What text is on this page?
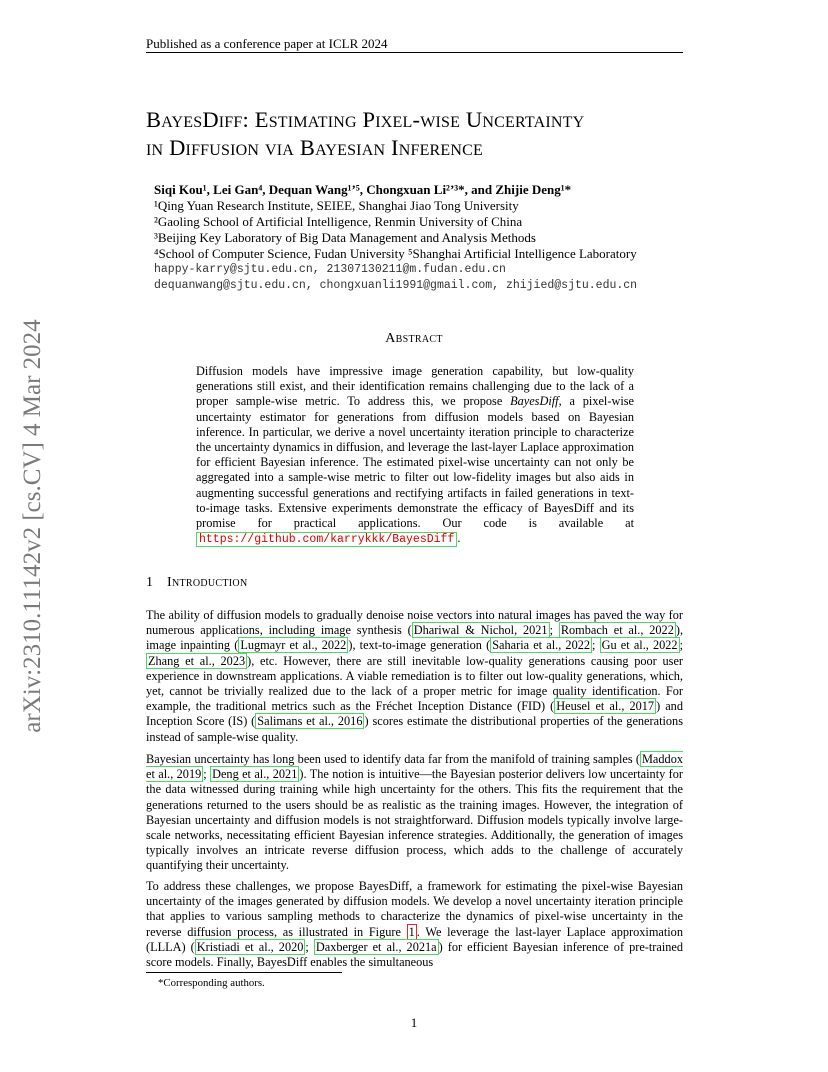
Published as a conference paper at ICLR 2024
arXiv:2310.11142v2 [cs.CV] 4 Mar 2024
BayesDiff: Estimating Pixel-wise Uncertainty
in Diffusion via Bayesian Inference
Siqi Kou¹, Lei Gan⁴, Dequan Wang¹ʼ⁵, Chongxuan Li²ʼ³*, and Zhijie Deng¹*
¹Qing Yuan Research Institute, SEIEE, Shanghai Jiao Tong University
²Gaoling School of Artificial Intelligence, Renmin University of China
³Beijing Key Laboratory of Big Data Management and Analysis Methods
⁴School of Computer Science, Fudan University ⁵Shanghai Artificial Intelligence Laboratory
happy-karry@sjtu.edu.cn, 21307130211@m.fudan.edu.cn
dequanwang@sjtu.edu.cn, chongxuanli1991@gmail.com, zhijied@sjtu.edu.cn
Abstract
Diffusion models have impressive image generation capability, but low-quality generations still exist, and their identification remains challenging due to the lack of a proper sample-wise metric. To address this, we propose BayesDiff, a pixel-wise uncertainty estimator for generations from diffusion models based on Bayesian inference. In particular, we derive a novel uncertainty iteration principle to characterize the uncertainty dynamics in diffusion, and leverage the last-layer Laplace approximation for efficient Bayesian inference. The estimated pixel-wise uncertainty can not only be aggregated into a sample-wise metric to filter out low-fidelity images but also aids in augmenting successful generations and rectifying artifacts in failed generations in text-to-image tasks. Extensive experiments demonstrate the efficacy of BayesDiff and its promise for practical applications. Our code is available at https://github.com/karrykkk/BayesDiff .
1 Introduction
The ability of diffusion models to gradually denoise noise vectors into natural images has paved the way for numerous applications, including image synthesis ( Dhariwal & Nichol, 2021 ; Rombach et al., 2022 ), image inpainting ( Lugmayr et al., 2022 ), text-to-image generation ( Saharia et al., 2022 ; Gu et al., 2022 ; Zhang et al., 2023 ), etc. However, there are still inevitable low-quality generations causing poor user experience in downstream applications. A viable remediation is to filter out low-quality generations, which, yet, cannot be trivially realized due to the lack of a proper metric for image quality identification. For example, the traditional metrics such as the Fréchet Inception Distance (FID) ( Heusel et al., 2017 ) and Inception Score (IS) ( Salimans et al., 2016 ) scores estimate the distributional properties of the generations instead of sample-wise quality.
Bayesian uncertainty has long been used to identify data far from the manifold of training samples ( Maddox et al., 2019 ; Deng et al., 2021 ). The notion is intuitive—the Bayesian posterior delivers low uncertainty for the data witnessed during training while high uncertainty for the others. This fits the requirement that the generations returned to the users should be as realistic as the training images. However, the integration of Bayesian uncertainty and diffusion models is not straightforward. Diffusion models typically involve large-scale networks, necessitating efficient Bayesian inference strategies. Additionally, the generation of images typically involves an intricate reverse diffusion process, which adds to the challenge of accurately quantifying their uncertainty.
To address these challenges, we propose BayesDiff, a framework for estimating the pixel-wise Bayesian uncertainty of the images generated by diffusion models. We develop a novel uncertainty iteration principle that applies to various sampling methods to characterize the dynamics of pixel-wise uncertainty in the reverse diffusion process, as illustrated in Figure 1 . We leverage the last-layer Laplace approximation (LLLA) ( Kristiadi et al., 2020 ; Daxberger et al., 2021a ) for efficient Bayesian inference of pre-trained score models. Finally, BayesDiff enables the simultaneous
*Corresponding authors.
1
